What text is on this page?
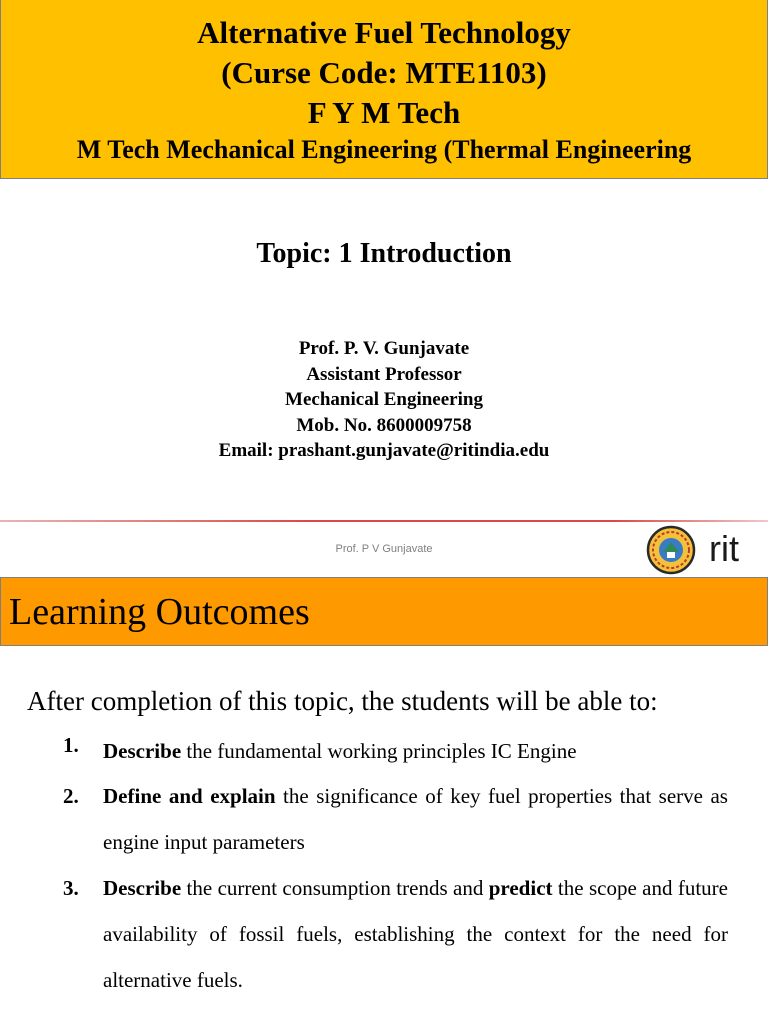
Alternative Fuel Technology
(Curse Code: MTE1103)
F Y M Tech
M Tech Mechanical Engineering (Thermal Engineering
Topic: 1 Introduction
Prof. P. V. Gunjavate
Assistant Professor
Mechanical Engineering
Mob. No. 8600009758
Email: prashant.gunjavate@ritindia.edu
Prof. P V Gunjavate	rit
Learning Outcomes
After completion of this topic, the students will be able to:
1.	Describe the fundamental working principles IC Engine
2.	Define and explain the significance of key fuel properties that serve as engine input parameters
3.	Describe the current consumption trends and predict the scope and future availability of fossil fuels, establishing the context for the need for alternative fuels.
